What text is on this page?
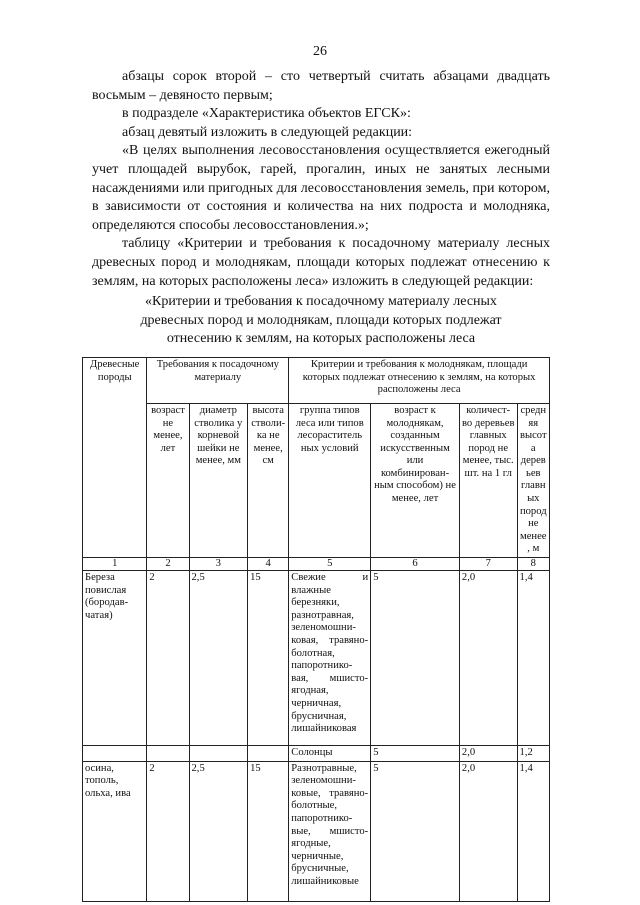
26

абзацы сорок второй – сто четвертый считать абзацами двадцать восьмым – девяносто первым;

в подразделе «Характеристика объектов ЕГСК»:

абзац девятый изложить в следующей редакции:

«В целях выполнения лесовосстановления осуществляется ежегодный учет площадей вырубок, гарей, прогалин, иных не занятых лесными насаждениями или пригодных для лесовосстановления земель, при котором, в зависимости от состояния и количества на них подроста и молодняка, определяются способы лесовосстановления.»;

таблицу «Критерии и требования к посадочному материалу лесных древесных пород и молоднякам, площади которых подлежат отнесению к землям, на которых расположены леса» изложить в следующей редакции:

«Критерии и требования к посадочному материалу лесных древесных пород и молоднякам, площади которых подлежат отнесению к землям, на которых расположены леса
Древесные породы	Требования к посадочному материалу			Критерии и требования к молоднякам, площади которых подлежат отнесению к землям, на которых расположены леса			
	возраст не менее, лет	диаметр стволика у корневой шейки не менее, мм	высота стволи-ка не менее, см	группа типов леса или типов лесораститель ных условий	возраст к молоднякам, созданным искусственным или комбинирован-ным способом) не менее, лет	количест-во деревьев главных пород не менее, тыс. шт. на 1 гл	средняя высота деревьев главных пород не менее, м
1	2	3	4	5	6	7	8
Береза повислая (бородав-чатая)	2	2,5	15	Свежие и влажные березняки, разнотравная, зеленомошни-ковая, травяно-болотная, папоротнико-вая, мшисто-ягодная, черничная, брусничная, лишайниковая	5	2,0	1,4
				Солонцы	5	2,0	1,2
осина, тополь, ольха, ива	2	2,5	15	Разнотравные, зеленомошни-ковые, травяно-болотные, папоротнико-вые, мшисто-ягодные, черничные, брусничные, лишайниковые	5	2,0	1,4
